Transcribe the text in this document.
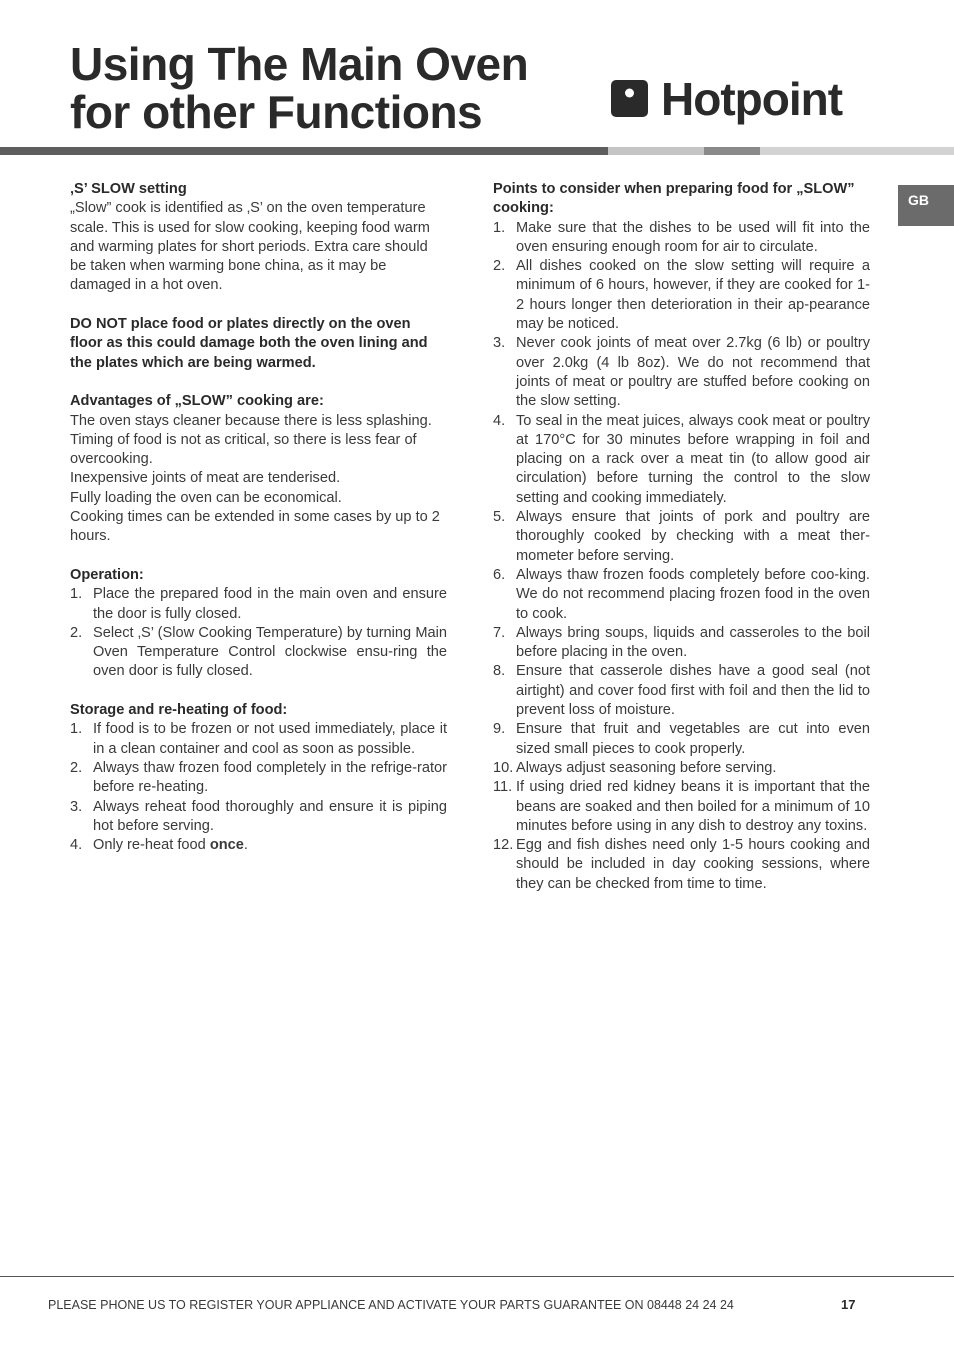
Using The Main Oven
for other Functions	Hotpoint
GB

‚S’ SLOW setting

„Slow” cook is identified as ‚S’ on the oven temperature scale. This is used for slow cooking, keeping food warm and warming plates for short periods. Extra care should be taken when warming bone china, as it may be damaged in a hot oven.

DO NOT place food or plates directly on the oven floor as this could damage both the oven lining and the plates which are being warmed.

Advantages of „SLOW” cooking are:

The oven stays cleaner because there is less splashing.

Timing of food is not as critical, so there is less fear of overcooking.

Inexpensive joints of meat are tenderised.

Fully loading the oven can be economical.

Cooking times can be extended in some cases by up to 2 hours.

Operation:

1. Place the prepared food in the main oven and ensure the door is fully closed.
2. Select ‚S’ (Slow Cooking Temperature) by turning Main Oven Temperature Control clockwise ensu-ring the oven door is fully closed.

Storage and re-heating of food:

1. If food is to be frozen or not used immediately, place it in a clean container and cool as soon as possible.
2. Always thaw frozen food completely in the refrige-rator before re-heating.
3. Always reheat food thoroughly and ensure it is piping hot before serving.
4. Only re-heat food once.

Points to consider when preparing food for „SLOW” cooking:

1. Make sure that the dishes to be used will fit into the oven ensuring enough room for air to circulate.
2. All dishes cooked on the slow setting will require a minimum of 6 hours, however, if they are cooked for 1-2 hours longer then deterioration in their ap-pearance may be noticed.
3. Never cook joints of meat over 2.7kg (6 lb) or poultry over 2.0kg (4 lb 8oz). We do not recommend that joints of meat or poultry are stuffed before cooking on the slow setting.
4. To seal in the meat juices, always cook meat or poultry at 170°C for 30 minutes before wrapping in foil and placing on a rack over a meat tin (to allow good air circulation) before turning the control to the slow setting and cooking immediately.
5. Always ensure that joints of pork and poultry are thoroughly cooked by checking with a meat ther-mometer before serving.
6. Always thaw frozen foods completely before coo-king. We do not recommend placing frozen food in the oven to cook.
7. Always bring soups, liquids and casseroles to the boil before placing in the oven.
8. Ensure that casserole dishes have a good seal (not airtight) and cover food first with foil and then the lid to prevent loss of moisture.
9. Ensure that fruit and vegetables are cut into even sized small pieces to cook properly.
10. Always adjust seasoning before serving.
11. If using dried red kidney beans it is important that the beans are soaked and then boiled for a minimum of 10 minutes before using in any dish to destroy any toxins.
12. Egg and fish dishes need only 1-5 hours cooking and should be included in day cooking sessions, where they can be checked from time to time.
PLEASE PHONE US TO REGISTER YOUR APPLIANCE AND ACTIVATE YOUR PARTS GUARANTEE ON 08448 24 24 24	17
